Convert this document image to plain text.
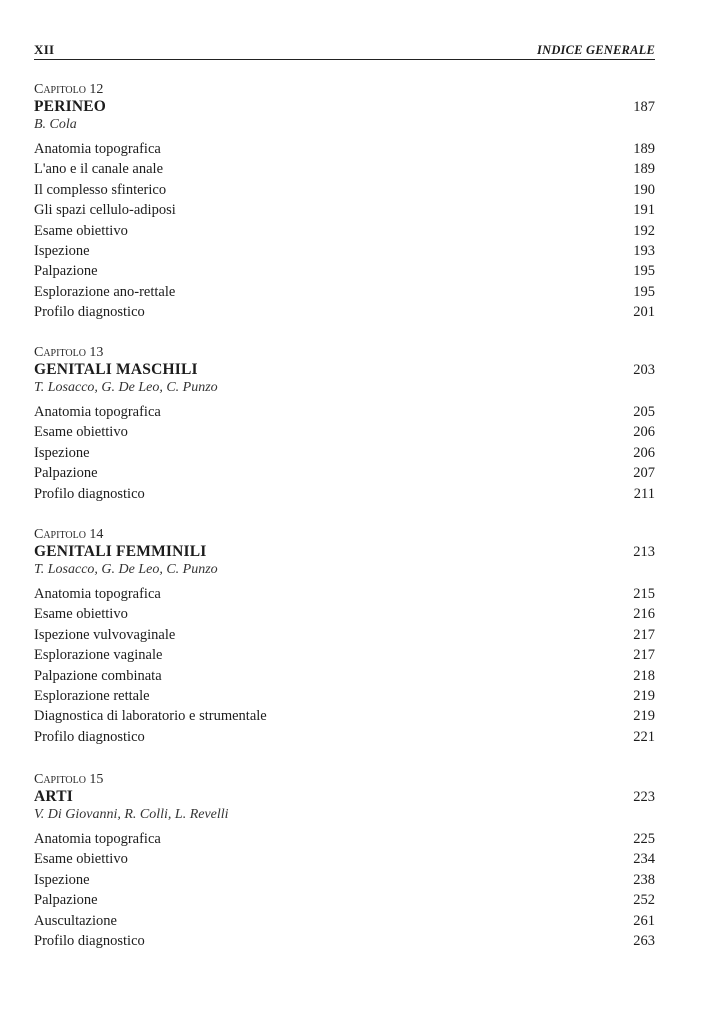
XII	INDICE GENERALE
Capitolo 12
PERINEO	187
B. Cola
Anatomia topografica	189
L'ano e il canale anale	189
Il complesso sfinterico	190
Gli spazi cellulo-adiposi	191
Esame obiettivo	192
Ispezione	193
Palpazione	195
Esplorazione ano-rettale	195
Profilo diagnostico	201
Capitolo 13
GENITALI MASCHILI	203
T. Losacco, G. De Leo, C. Punzo
Anatomia topografica	205
Esame obiettivo	206
Ispezione	206
Palpazione	207
Profilo diagnostico	211
Capitolo 14
GENITALI FEMMINILI	213
T. Losacco, G. De Leo, C. Punzo
Anatomia topografica	215
Esame obiettivo	216
Ispezione vulvovaginale	217
Esplorazione vaginale	217
Palpazione combinata	218
Esplorazione rettale	219
Diagnostica di laboratorio e strumentale	219
Profilo diagnostico	221
Capitolo 15
ARTI	223
V. Di Giovanni, R. Colli, L. Revelli
Anatomia topografica	225
Esame obiettivo	234
Ispezione	238
Palpazione	252
Auscultazione	261
Profilo diagnostico	263
